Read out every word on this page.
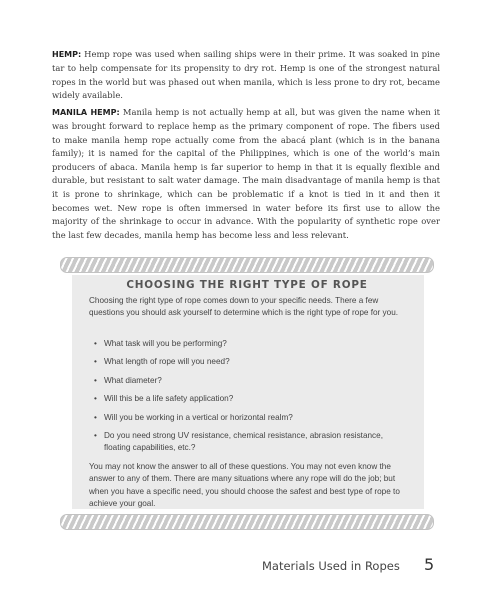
HEMP: Hemp rope was used when sailing ships were in their prime. It was soaked in pine tar to help compensate for its propensity to dry rot. Hemp is one of the strongest natural ropes in the world but was phased out when manila, which is less prone to dry rot, became widely available.

MANILA HEMP: Manila hemp is not actually hemp at all, but was given the name when it was brought forward to replace hemp as the primary component of rope. The fibers used to make manila hemp rope actually come from the abacá plant (which is in the banana family); it is named for the capital of the Philippines, which is one of the world’s main producers of abaca. Manila hemp is far superior to hemp in that it is equally flexible and durable, but resistant to salt water damage. The main disadvantage of manila hemp is that it is prone to shrinkage, which can be problematic if a knot is tied in it and then it becomes wet. New rope is often immersed in water before its first use to allow the majority of the shrinkage to occur in advance. With the popularity of synthetic rope over the last few decades, manila hemp has become less and less relevant.

CHOOSING THE RIGHT TYPE OF ROPE

Choosing the right type of rope comes down to your specific needs. There a few questions you should ask yourself to determine which is the right type of rope for you.

• What task will you be performing?
• What length of rope will you need?
• What diameter?
• Will this be a life safety application?
• Will you be working in a vertical or horizontal realm?
• Do you need strong UV resistance, chemical resistance, abrasion resistance, floating capabilities, etc.?

You may not know the answer to all of these questions. You may not even know the answer to any of them. There are many situations where any rope will do the job; but when you have a specific need, you should choose the safest and best type of rope to achieve your goal.

Materials Used in Ropes 5
